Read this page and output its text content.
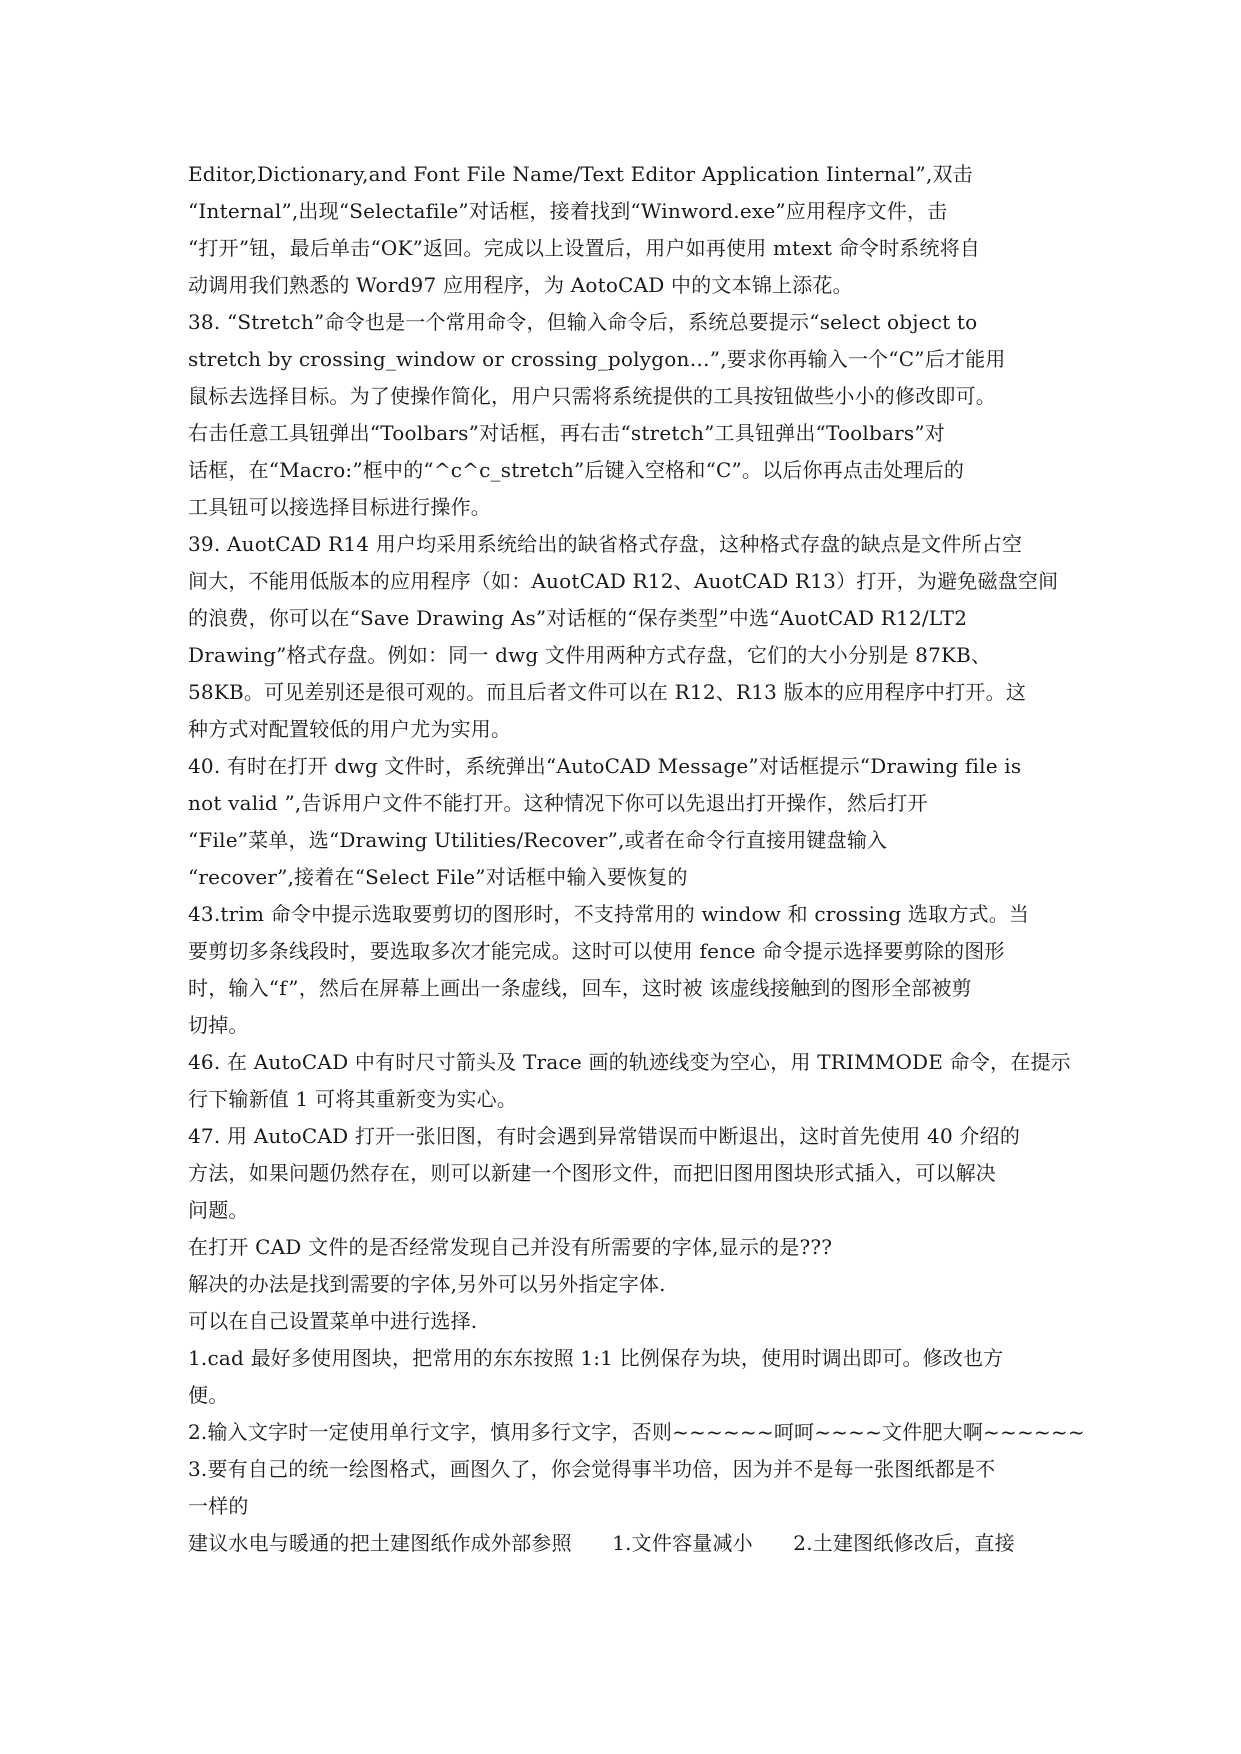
Editor,Dictionary,and Font File Name/Text Editor Application Iinternal”,双击
“Internal”,出现“Selectafile”对话框，接着找到“Winword.exe”应用程序文件，击
“打开”钮，最后单击“OK”返回。完成以上设置后，用户如再使用 mtext 命令时系统将自
动调用我们熟悉的 Word97 应用程序，为 AotoCAD 中的文本锦上添花。
38. “Stretch”命令也是一个常用命令，但输入命令后，系统总要提示“select object to
stretch by crossing_window or crossing_polygon…”,要求你再输入一个“C”后才能用
鼠标去选择目标。为了使操作简化，用户只需将系统提供的工具按钮做些小小的修改即可。
右击任意工具钮弹出“Toolbars”对话框，再右击“stretch”工具钮弹出“Toolbars”对
话框，在“Macro:”框中的“^c^c_stretch”后键入空格和“C”。以后你再点击处理后的
工具钮可以接选择目标进行操作。
39. AuotCAD R14 用户均采用系统给出的缺省格式存盘，这种格式存盘的缺点是文件所占空
间大，不能用低版本的应用程序（如：AuotCAD R12、AuotCAD R13）打开，为避免磁盘空间
的浪费，你可以在“Save Drawing As”对话框的“保存类型”中选“AuotCAD R12/LT2
Drawing”格式存盘。例如：同一 dwg 文件用两种方式存盘，它们的大小分别是 87KB、
58KB。可见差别还是很可观的。而且后者文件可以在 R12、R13 版本的应用程序中打开。这
种方式对配置较低的用户尤为实用。
40. 有时在打开 dwg 文件时，系统弹出“AutoCAD Message”对话框提示“Drawing file is
not valid ”,告诉用户文件不能打开。这种情况下你可以先退出打开操作，然后打开
“File”菜单，选“Drawing Utilities/Recover”,或者在命令行直接用键盘输入
“recover”,接着在“Select File”对话框中输入要恢复的
43.trim 命令中提示选取要剪切的图形时，不支持常用的 window 和 crossing 选取方式。当
要剪切多条线段时，要选取多次才能完成。这时可以使用 fence 命令提示选择要剪除的图形
时，输入“f”，然后在屏幕上画出一条虚线，回车，这时被 该虚线接触到的图形全部被剪
切掉。
46. 在 AutoCAD 中有时尺寸箭头及 Trace 画的轨迹线变为空心，用 TRIMMODE 命令，在提示
行下输新值 1 可将其重新变为实心。
47. 用 AutoCAD 打开一张旧图，有时会遇到异常错误而中断退出，这时首先使用 40 介绍的
方法，如果问题仍然存在，则可以新建一个图形文件，而把旧图用图块形式插入，可以解决
问题。
在打开 CAD 文件的是否经常发现自己并没有所需要的字体,显示的是???
解决的办法是找到需要的字体,另外可以另外指定字体.
可以在自己设置菜单中进行选择.
1.cad 最好多使用图块，把常用的东东按照 1:1 比例保存为块，使用时调出即可。修改也方
便。
2.输入文字时一定使用单行文字，慎用多行文字，否则~~~~~~呵呵~~~~文件肥大啊~~~~~~
3.要有自己的统一绘图格式，画图久了，你会觉得事半功倍，因为并不是每一张图纸都是不
一样的
建议水电与暖通的把土建图纸作成外部参照　　1.文件容量减小　　2.土建图纸修改后，直接
